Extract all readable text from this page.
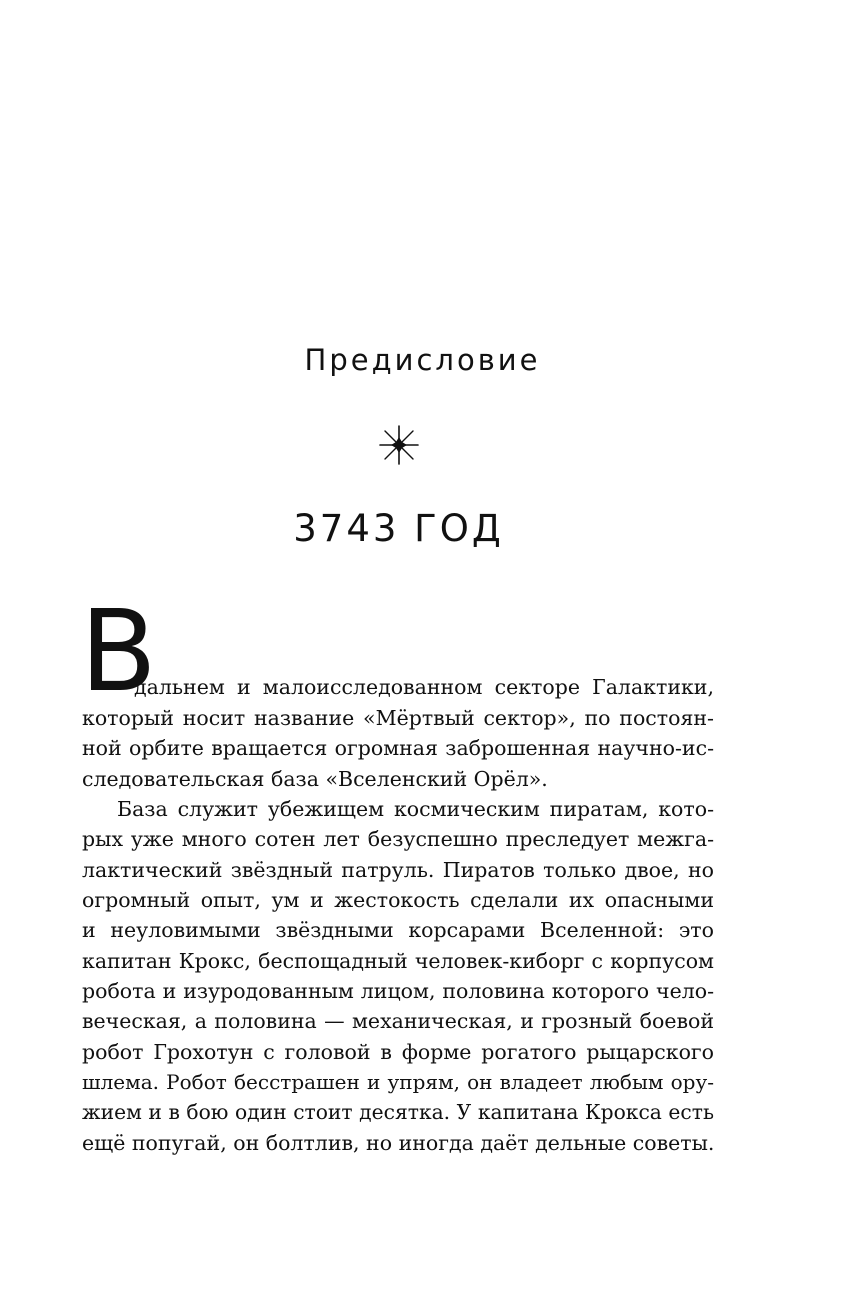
Предисловие
3743 ГОД
В
дальнем и малоисследованном секторе Галактики,
который носит название «Мёртвый сектор», по постоян-
ной орбите вращается огромная заброшенная научно-ис-
следовательская база «Вселенский Орёл».
База служит убежищем космическим пиратам, кото-
рых уже много сотен лет безуспешно преследует межга-
лактический звёздный патруль. Пиратов только двое, но
огромный опыт, ум и жестокость сделали их опасными
и неуловимыми звёздными корсарами Вселенной: это
капитан Крокс, беспощадный человек-киборг с корпусом
робота и изуродованным лицом, половина которого чело-
веческая, а половина — механическая, и грозный боевой
робот Грохотун с головой в форме рогатого рыцарского
шлема. Робот бесстрашен и упрям, он владеет любым ору-
жием и в бою один стоит десятка. У капитана Крокса есть
ещё попугай, он болтлив, но иногда даёт дельные советы.
